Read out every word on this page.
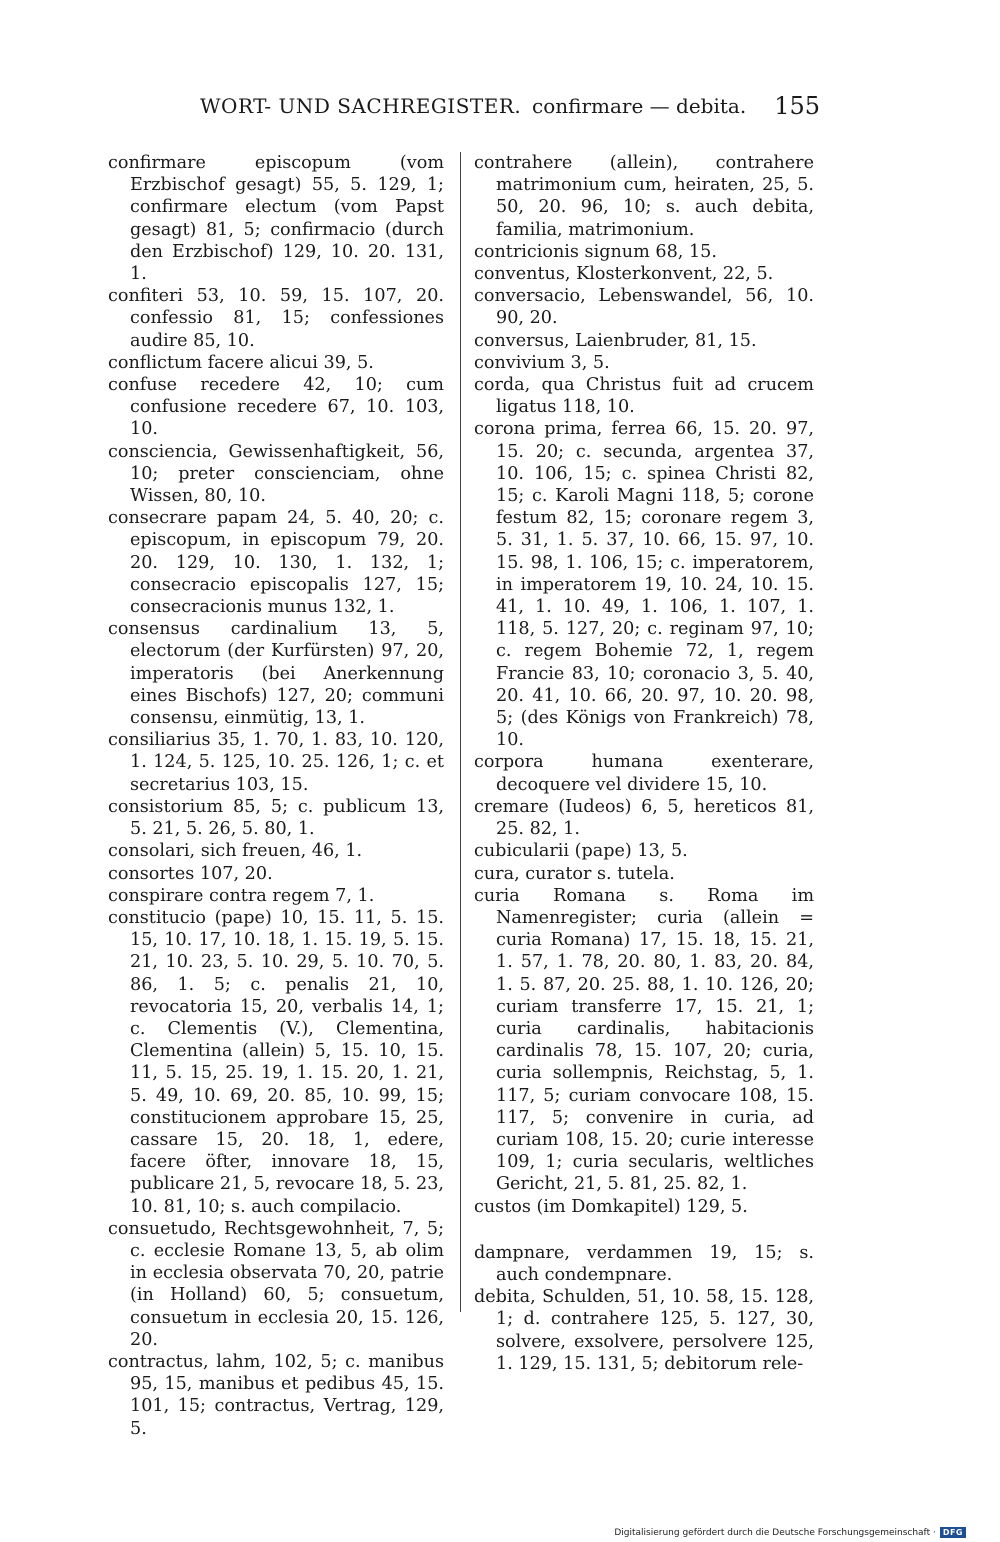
WORT- UND SACHREGISTER. confirmare — debita. 155

confirmare episcopum (vom Erzbischof gesagt) 55, 5. 129, 1; confirmare electum (vom Papst gesagt) 81, 5; confirmacio (durch den Erzbischof) 129, 10. 20. 131, 1.

confiteri 53, 10. 59, 15. 107, 20. confessio 81, 15; confessiones audire 85, 10.

conflictum facere alicui 39, 5.

confuse recedere 42, 10; cum confusione recedere 67, 10. 103, 10.

consciencia, Gewissenhaftigkeit, 56, 10; preter conscienciam, ohne Wissen, 80, 10.

consecrare papam 24, 5. 40, 20; c. episcopum, in episcopum 79, 20. 20. 129, 10. 130, 1. 132, 1; consecracio episcopalis 127, 15; consecracionis munus 132, 1.

consensus cardinalium 13, 5, electorum (der Kurfürsten) 97, 20, imperatoris (bei Anerkennung eines Bischofs) 127, 20; communi consensu, einmütig, 13, 1.

consiliarius 35, 1. 70, 1. 83, 10. 120, 1. 124, 5. 125, 10. 25. 126, 1; c. et secretarius 103, 15.

consistorium 85, 5; c. publicum 13, 5. 21, 5. 26, 5. 80, 1.

consolari, sich freuen, 46, 1.

consortes 107, 20.

conspirare contra regem 7, 1.

constitucio (pape) 10, 15. 11, 5. 15. 15, 10. 17, 10. 18, 1. 15. 19, 5. 15. 21, 10. 23, 5. 10. 29, 5. 10. 70, 5. 86, 1. 5; c. penalis 21, 10, revocatoria 15, 20, verbalis 14, 1; c. Clementis (V.), Clementina, Clementina (allein) 5, 15. 10, 15. 11, 5. 15, 25. 19, 1. 15. 20, 1. 21, 5. 49, 10. 69, 20. 85, 10. 99, 15; constitucionem approbare 15, 25, cassare 15, 20. 18, 1, edere, facere öfter, innovare 18, 15, publicare 21, 5, revocare 18, 5. 23, 10. 81, 10; s. auch compilacio.

consuetudo, Rechtsgewohnheit, 7, 5; c. ecclesie Romane 13, 5, ab olim in ecclesia observata 70, 20, patrie (in Holland) 60, 5; consuetum, consuetum in ecclesia 20, 15. 126, 20.

contractus, lahm, 102, 5; c. manibus 95, 15, manibus et pedibus 45, 15. 101, 15; contractus, Vertrag, 129, 5.

contrahere (allein), contrahere matrimonium cum, heiraten, 25, 5. 50, 20. 96, 10; s. auch debita, familia, matrimonium.

contricionis signum 68, 15.

conventus, Klosterkonvent, 22, 5.

conversacio, Lebenswandel, 56, 10. 90, 20.

conversus, Laienbruder, 81, 15.

convivium 3, 5.

corda, qua Christus fuit ad crucem ligatus 118, 10.

corona prima, ferrea 66, 15. 20. 97, 15. 20; c. secunda, argentea 37, 10. 106, 15; c. spinea Christi 82, 15; c. Karoli Magni 118, 5; corone festum 82, 15; coronare regem 3, 5. 31, 1. 5. 37, 10. 66, 15. 97, 10. 15. 98, 1. 106, 15; c. imperatorem, in imperatorem 19, 10. 24, 10. 15. 41, 1. 10. 49, 1. 106, 1. 107, 1. 118, 5. 127, 20; c. reginam 97, 10; c. regem Bohemie 72, 1, regem Francie 83, 10; coronacio 3, 5. 40, 20. 41, 10. 66, 20. 97, 10. 20. 98, 5; (des Königs von Frankreich) 78, 10.

corpora humana exenterare, decoquere vel dividere 15, 10.

cremare (Iudeos) 6, 5, hereticos 81, 25. 82, 1.

cubicularii (pape) 13, 5.

cura, curator s. tutela.

curia Romana s. Roma im Namenregister; curia (allein = curia Romana) 17, 15. 18, 15. 21, 1. 57, 1. 78, 20. 80, 1. 83, 20. 84, 1. 5. 87, 20. 25. 88, 1. 10. 126, 20; curiam transferre 17, 15. 21, 1; curia cardinalis, habitacionis cardinalis 78, 15. 107, 20; curia, curia sollempnis, Reichstag, 5, 1. 117, 5; curiam convocare 108, 15. 117, 5; convenire in curia, ad curiam 108, 15. 20; curie interesse 109, 1; curia secularis, weltliches Gericht, 21, 5. 81, 25. 82, 1.

custos (im Domkapitel) 129, 5.

dampnare, verdammen 19, 15; s. auch condempnare.

debita, Schulden, 51, 10. 58, 15. 128, 1; d. contrahere 125, 5. 127, 30, solvere, exsolvere, persolvere 125, 1. 129, 15. 131, 5; debitorum rele-

Digitalisierung gefördert durch die Deutsche Forschungsgemeinschaft · DFG
